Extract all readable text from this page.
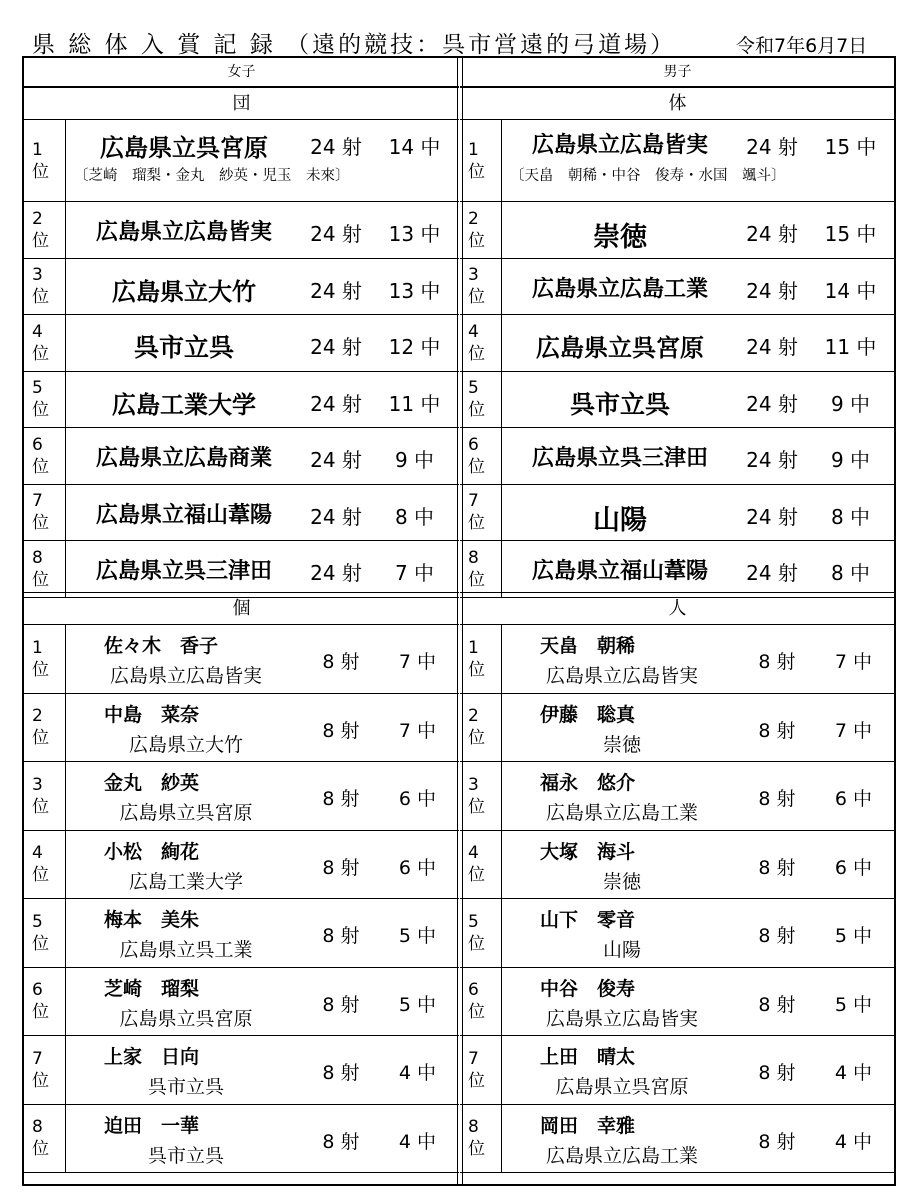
県 総 体 入 賞 記 録 （遠的競技：呉市営遠的弓道場）	令和7年6月7日
女子
団
1
位
広島県立呉宮原	24 射	14 中
〔芝崎　瑠梨・金丸　紗英・児玉　未來〕
2
位	広島県立広島皆実	24 射	13 中
3
位	広島県立大竹	24 射	13 中
4
位	呉市立呉	24 射	12 中
5
位	広島工業大学	24 射	11 中
6
位	広島県立広島商業	24 射	9 中
7
位	広島県立福山葦陽	24 射	8 中
8
位	広島県立呉三津田	24 射	7 中
個
1
位
佐々木　香子
広島県立広島皆実
8 射	7 中
2
位
中島　菜奈
広島県立大竹
8 射	7 中
3
位
金丸　紗英
広島県立呉宮原
8 射	6 中
4
位
小松　絢花
広島工業大学
8 射	6 中
5
位
梅本　美朱
広島県立呉工業
8 射	5 中
6
位
芝崎　瑠梨
広島県立呉宮原
8 射	5 中
7
位
上家　日向
呉市立呉
8 射	4 中
8
位
迫田　一華
呉市立呉
8 射	4 中
男子
体
1
位
広島県立広島皆実	24 射	15 中
〔天畠　朝稀・中谷　俊寿・水国　颯斗〕
2
位	崇徳	24 射	15 中
3
位	広島県立広島工業	24 射	14 中
4
位	広島県立呉宮原	24 射	11 中
5
位	呉市立呉	24 射	9 中
6
位	広島県立呉三津田	24 射	9 中
7
位	山陽	24 射	8 中
8
位	広島県立福山葦陽	24 射	8 中
人
1
位
天畠　朝稀
広島県立広島皆実
8 射	7 中
2
位
伊藤　聡真
崇徳
8 射	7 中
3
位
福永　悠介
広島県立広島工業
8 射	6 中
4
位
大塚　海斗
崇徳
8 射	6 中
5
位
山下　零音
山陽
8 射	5 中
6
位
中谷　俊寿
広島県立広島皆実
8 射	5 中
7
位
上田　晴太
広島県立呉宮原
8 射	4 中
8
位
岡田　幸雅
広島県立広島工業
8 射	4 中
